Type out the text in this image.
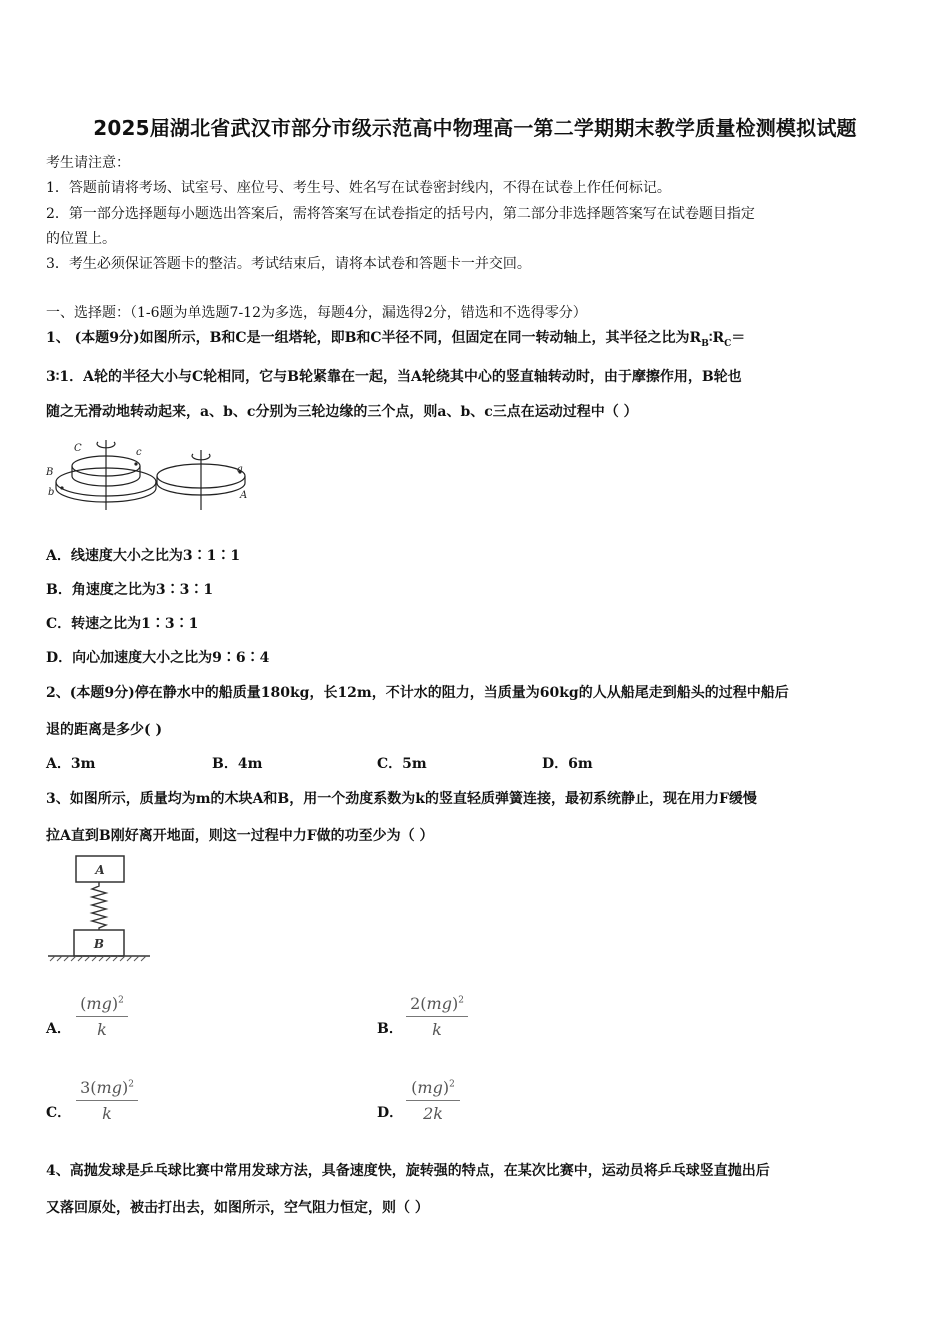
2025届湖北省武汉市部分市级示范高中物理高一第二学期期末教学质量检测模拟试题
考生请注意：
1．答题前请将考场、试室号、座位号、考生号、姓名写在试卷密封线内，不得在试卷上作任何标记。
2．第一部分选择题每小题选出答案后，需将答案写在试卷指定的括号内，第二部分非选择题答案写在试卷题目指定
的位置上。
3．考生必须保证答题卡的整洁。考试结束后，请将本试卷和答题卡一并交回。
一、选择题：（1-6题为单选题7-12为多选，每题4分，漏选得2分，错选和不选得零分）
1、 (本题9分)如图所示，B和C是一组塔轮，即B和C半径不同，但固定在同一转动轴上，其半径之比为$R_B∶R_C=$
3∶1．A轮的半径大小与C轮相同，它与B轮紧靠在一起，当A轮绕其中心的竖直轴转动时，由于摩擦作用，B轮也
随之无滑动地转动起来，a、b、c分别为三轮边缘的三个点，则a、b、c三点在运动过程中（ ）
C	c
B
b
a
A
A．线速度大小之比为3∶1∶1
B．角速度之比为3∶3∶1
C．转速之比为1∶3∶1
D．向心加速度大小之比为9∶6∶4
2、(本题9分)停在静水中的船质量180kg，长12m，不计水的阻力，当质量为60kg的人从船尾走到船头的过程中船后
退的距离是多少( )
A．3m	B．4m	C．5m	D．6m
3、如图所示，质量均为m的木块A和B，用一个劲度系数为k的竖直轻质弹簧连接，最初系统静止，现在用力F缓慢
拉A直到B刚好离开地面，则这一过程中力F做的功至少为（ ）
A
B
A． $\frac{(mg)^2}{k}$	B． $\frac{2(mg)^2}{k}$
C． $\frac{3(mg)^2}{k}$	D． $\frac{(mg)^2}{2k}$
4、高抛发球是乒乓球比赛中常用发球方法，具备速度快，旋转强的特点，在某次比赛中，运动员将乒乓球竖直抛出后
又落回原处，被击打出去，如图所示，空气阻力恒定，则（ ）
